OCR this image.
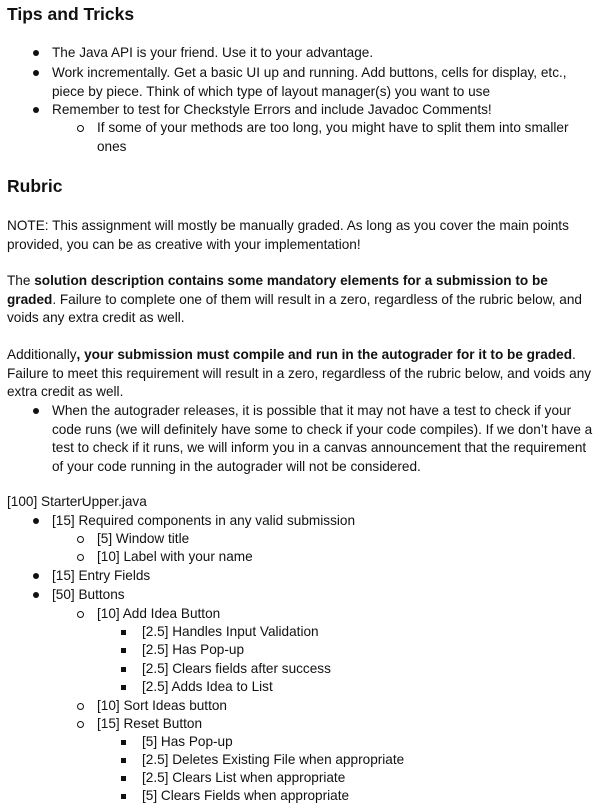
Tips and Tricks
The Java API is your friend. Use it to your advantage.
Work incrementally. Get a basic UI up and running. Add buttons, cells for display, etc., piece by piece. Think of which type of layout manager(s) you want to use
Remember to test for Checkstyle Errors and include Javadoc Comments!
If some of your methods are too long, you might have to split them into smaller ones
Rubric

NOTE: This assignment will mostly be manually graded. As long as you cover the main points provided, you can be as creative with your implementation!

The solution description contains some mandatory elements for a submission to be graded. Failure to complete one of them will result in a zero, regardless of the rubric below, and voids any extra credit as well.

Additionally, your submission must compile and run in the autograder for it to be graded. Failure to meet this requirement will result in a zero, regardless of the rubric below, and voids any extra credit as well.

When the autograder releases, it is possible that it may not have a test to check if your code runs (we will definitely have some to check if your code compiles). If we don’t have a test to check if it runs, we will inform you in a canvas announcement that the requirement of your code running in the autograder will not be considered.
[100] StarterUpper.java
[15] Required components in any valid submission
[5] Window title
[10] Label with your name
[15] Entry Fields
[50] Buttons
[10] Add Idea Button
[2.5] Handles Input Validation
[2.5] Has Pop-up
[2.5] Clears fields after success
[2.5] Adds Idea to List
[10] Sort Ideas button
[15] Reset Button
[5] Has Pop-up
[2.5] Deletes Existing File when appropriate
[2.5] Clears List when appropriate
[5] Clears Fields when appropriate
